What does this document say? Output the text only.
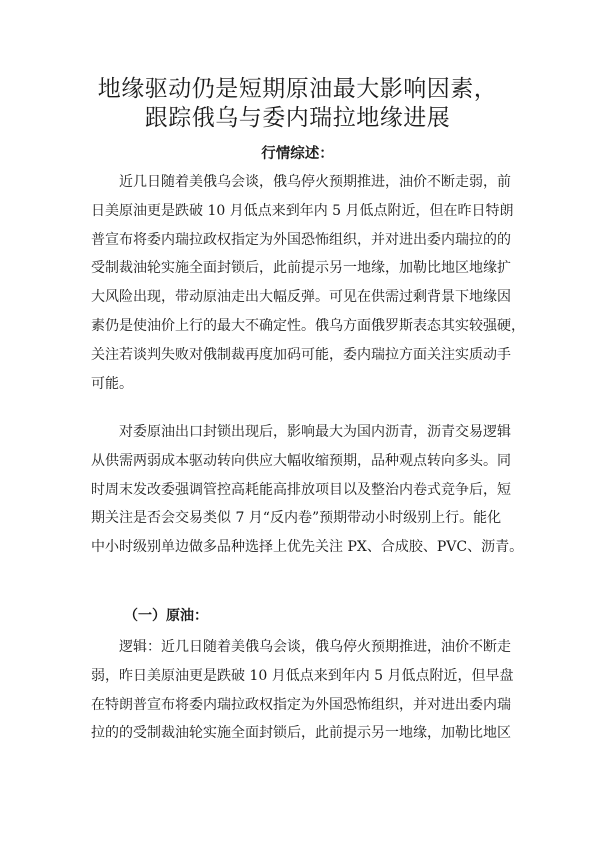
地缘驱动仍是短期原油最大影响因素，
跟踪俄乌与委内瑞拉地缘进展
行情综述：
　　近几日随着美俄乌会谈，俄乌停火预期推进，油价不断走弱，前
日美原油更是跌破 10 月低点来到年内 5 月低点附近，但在昨日特朗
普宣布将委内瑞拉政权指定为外国恐怖组织，并对进出委内瑞拉的的
受制裁油轮实施全面封锁后，此前提示另一地缘，加勒比地区地缘扩
大风险出现，带动原油走出大幅反弹。可见在供需过剩背景下地缘因
素仍是使油价上行的最大不确定性。俄乌方面俄罗斯表态其实较强硬，
关注若谈判失败对俄制裁再度加码可能，委内瑞拉方面关注实质动手
可能。
　　对委原油出口封锁出现后，影响最大为国内沥青，沥青交易逻辑
从供需两弱成本驱动转向供应大幅收缩预期，品种观点转向多头。同
时周末发改委强调管控高耗能高排放项目以及整治内卷式竞争后，短
期关注是否会交易类似 7 月“反内卷”预期带动小时级别上行。能化
中小时级别单边做多品种选择上优先关注 PX、合成胶、PVC、沥青。
（一）原油：
　　逻辑：近几日随着美俄乌会谈，俄乌停火预期推进，油价不断走
弱，昨日美原油更是跌破 10 月低点来到年内 5 月低点附近，但早盘
在特朗普宣布将委内瑞拉政权指定为外国恐怖组织，并对进出委内瑞
拉的的受制裁油轮实施全面封锁后，此前提示另一地缘，加勒比地区
